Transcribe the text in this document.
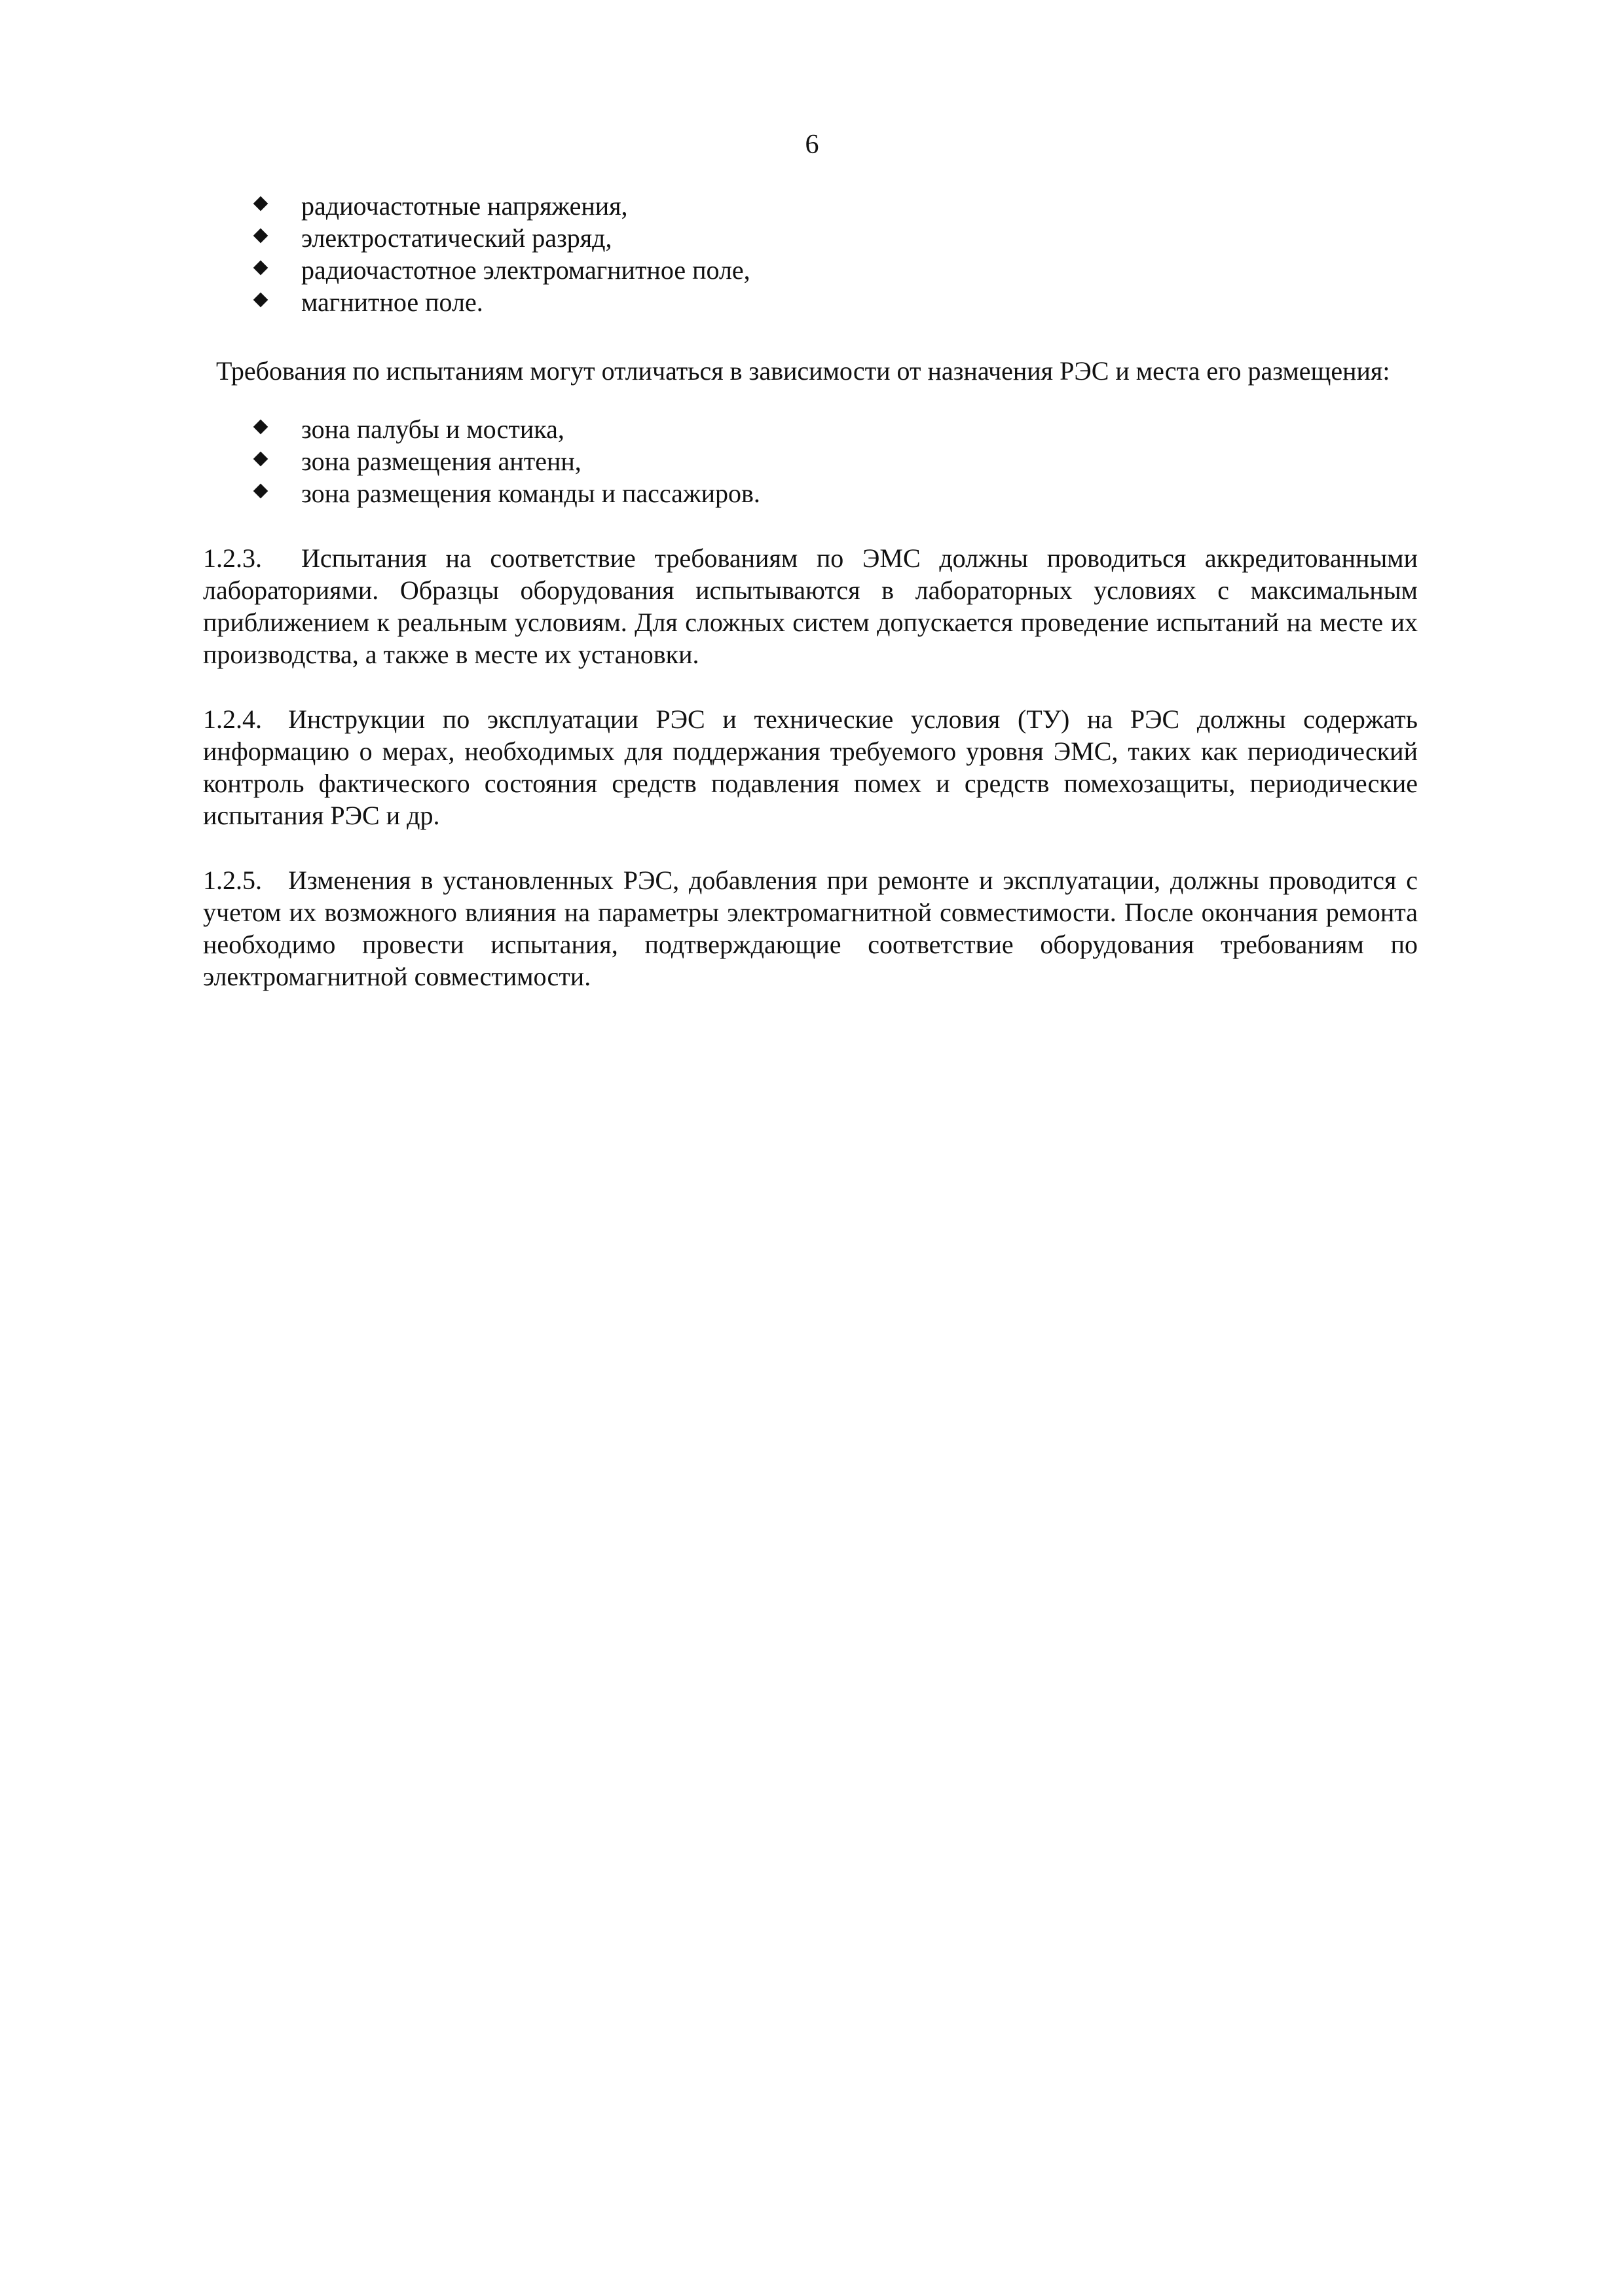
6
радиочастотные напряжения,
электростатический разряд,
радиочастотное электромагнитное поле,
магнитное поле.

Требования по испытаниям могут отличаться в зависимости от назначения РЭС и места его размещения:

зона палубы и мостика,
зона размещения антенн,
зона размещения команды и пассажиров.

1.2.3. Испытания на соответствие требованиям по ЭМС должны проводиться аккредитованными лабораториями. Образцы оборудования испытываются в лабораторных условиях с максимальным приближением к реальным условиям. Для сложных систем допускается проведение испытаний на месте их производства, а также в месте их установки.

1.2.4. Инструкции по эксплуатации РЭС и технические условия (ТУ) на РЭС должны содержать информацию о мерах, необходимых для поддержания требуемого уровня ЭМС, таких как периодический контроль фактического состояния средств подавления помех и средств помехозащиты, периодические испытания РЭС и др.

1.2.5. Изменения в установленных РЭС, добавления при ремонте и эксплуатации, должны проводится с учетом их возможного влияния на параметры электромагнитной совместимости. После окончания ремонта необходимо провести испытания, подтверждающие соответствие оборудования требованиям по электромагнитной совместимости.
